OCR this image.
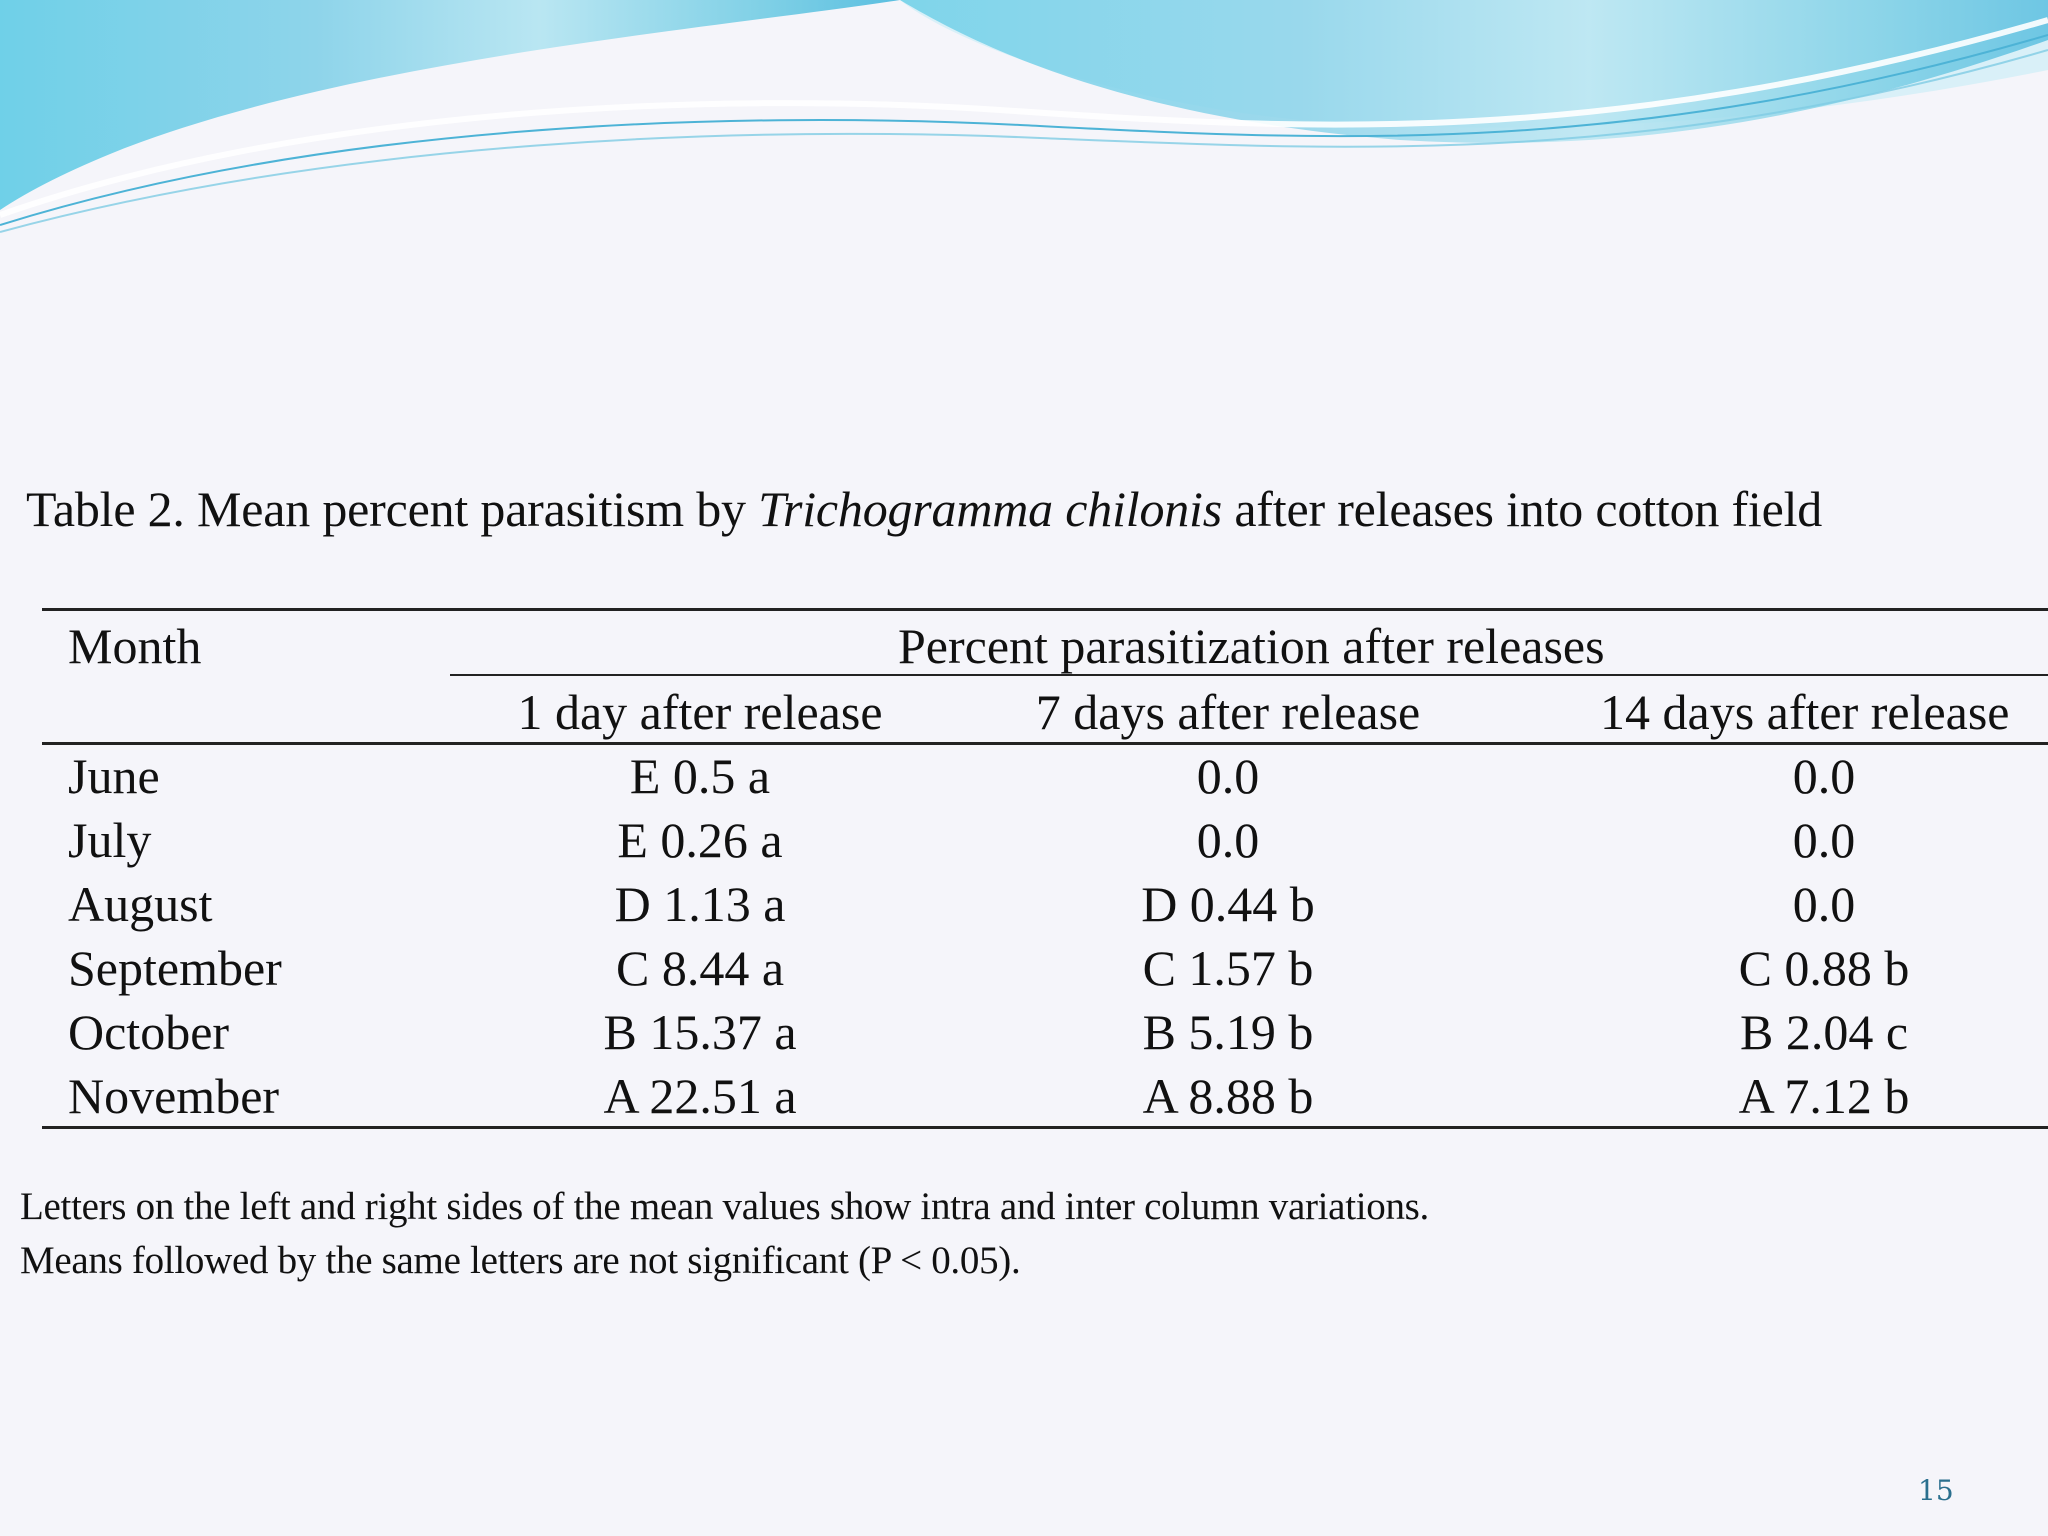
Table 2. Mean percent parasitism by Trichogramma chilonis after releases into cotton field
Month	Percent parasitization after releases
1 day after release	7 days after release	14 days after release
June	E 0.5 a	0.0	0.0
July	E 0.26 a	0.0	0.0
August	D 1.13 a	D 0.44 b	0.0
September	C 8.44 a	C 1.57 b	C 0.88 b
October	B 15.37 a	B 5.19 b	B 2.04 c
November	A 22.51 a	A 8.88 b	A 7.12 b
Letters on the left and right sides of the mean values show intra and inter column variations.
Means followed by the same letters are not significant (P < 0.05).
15
